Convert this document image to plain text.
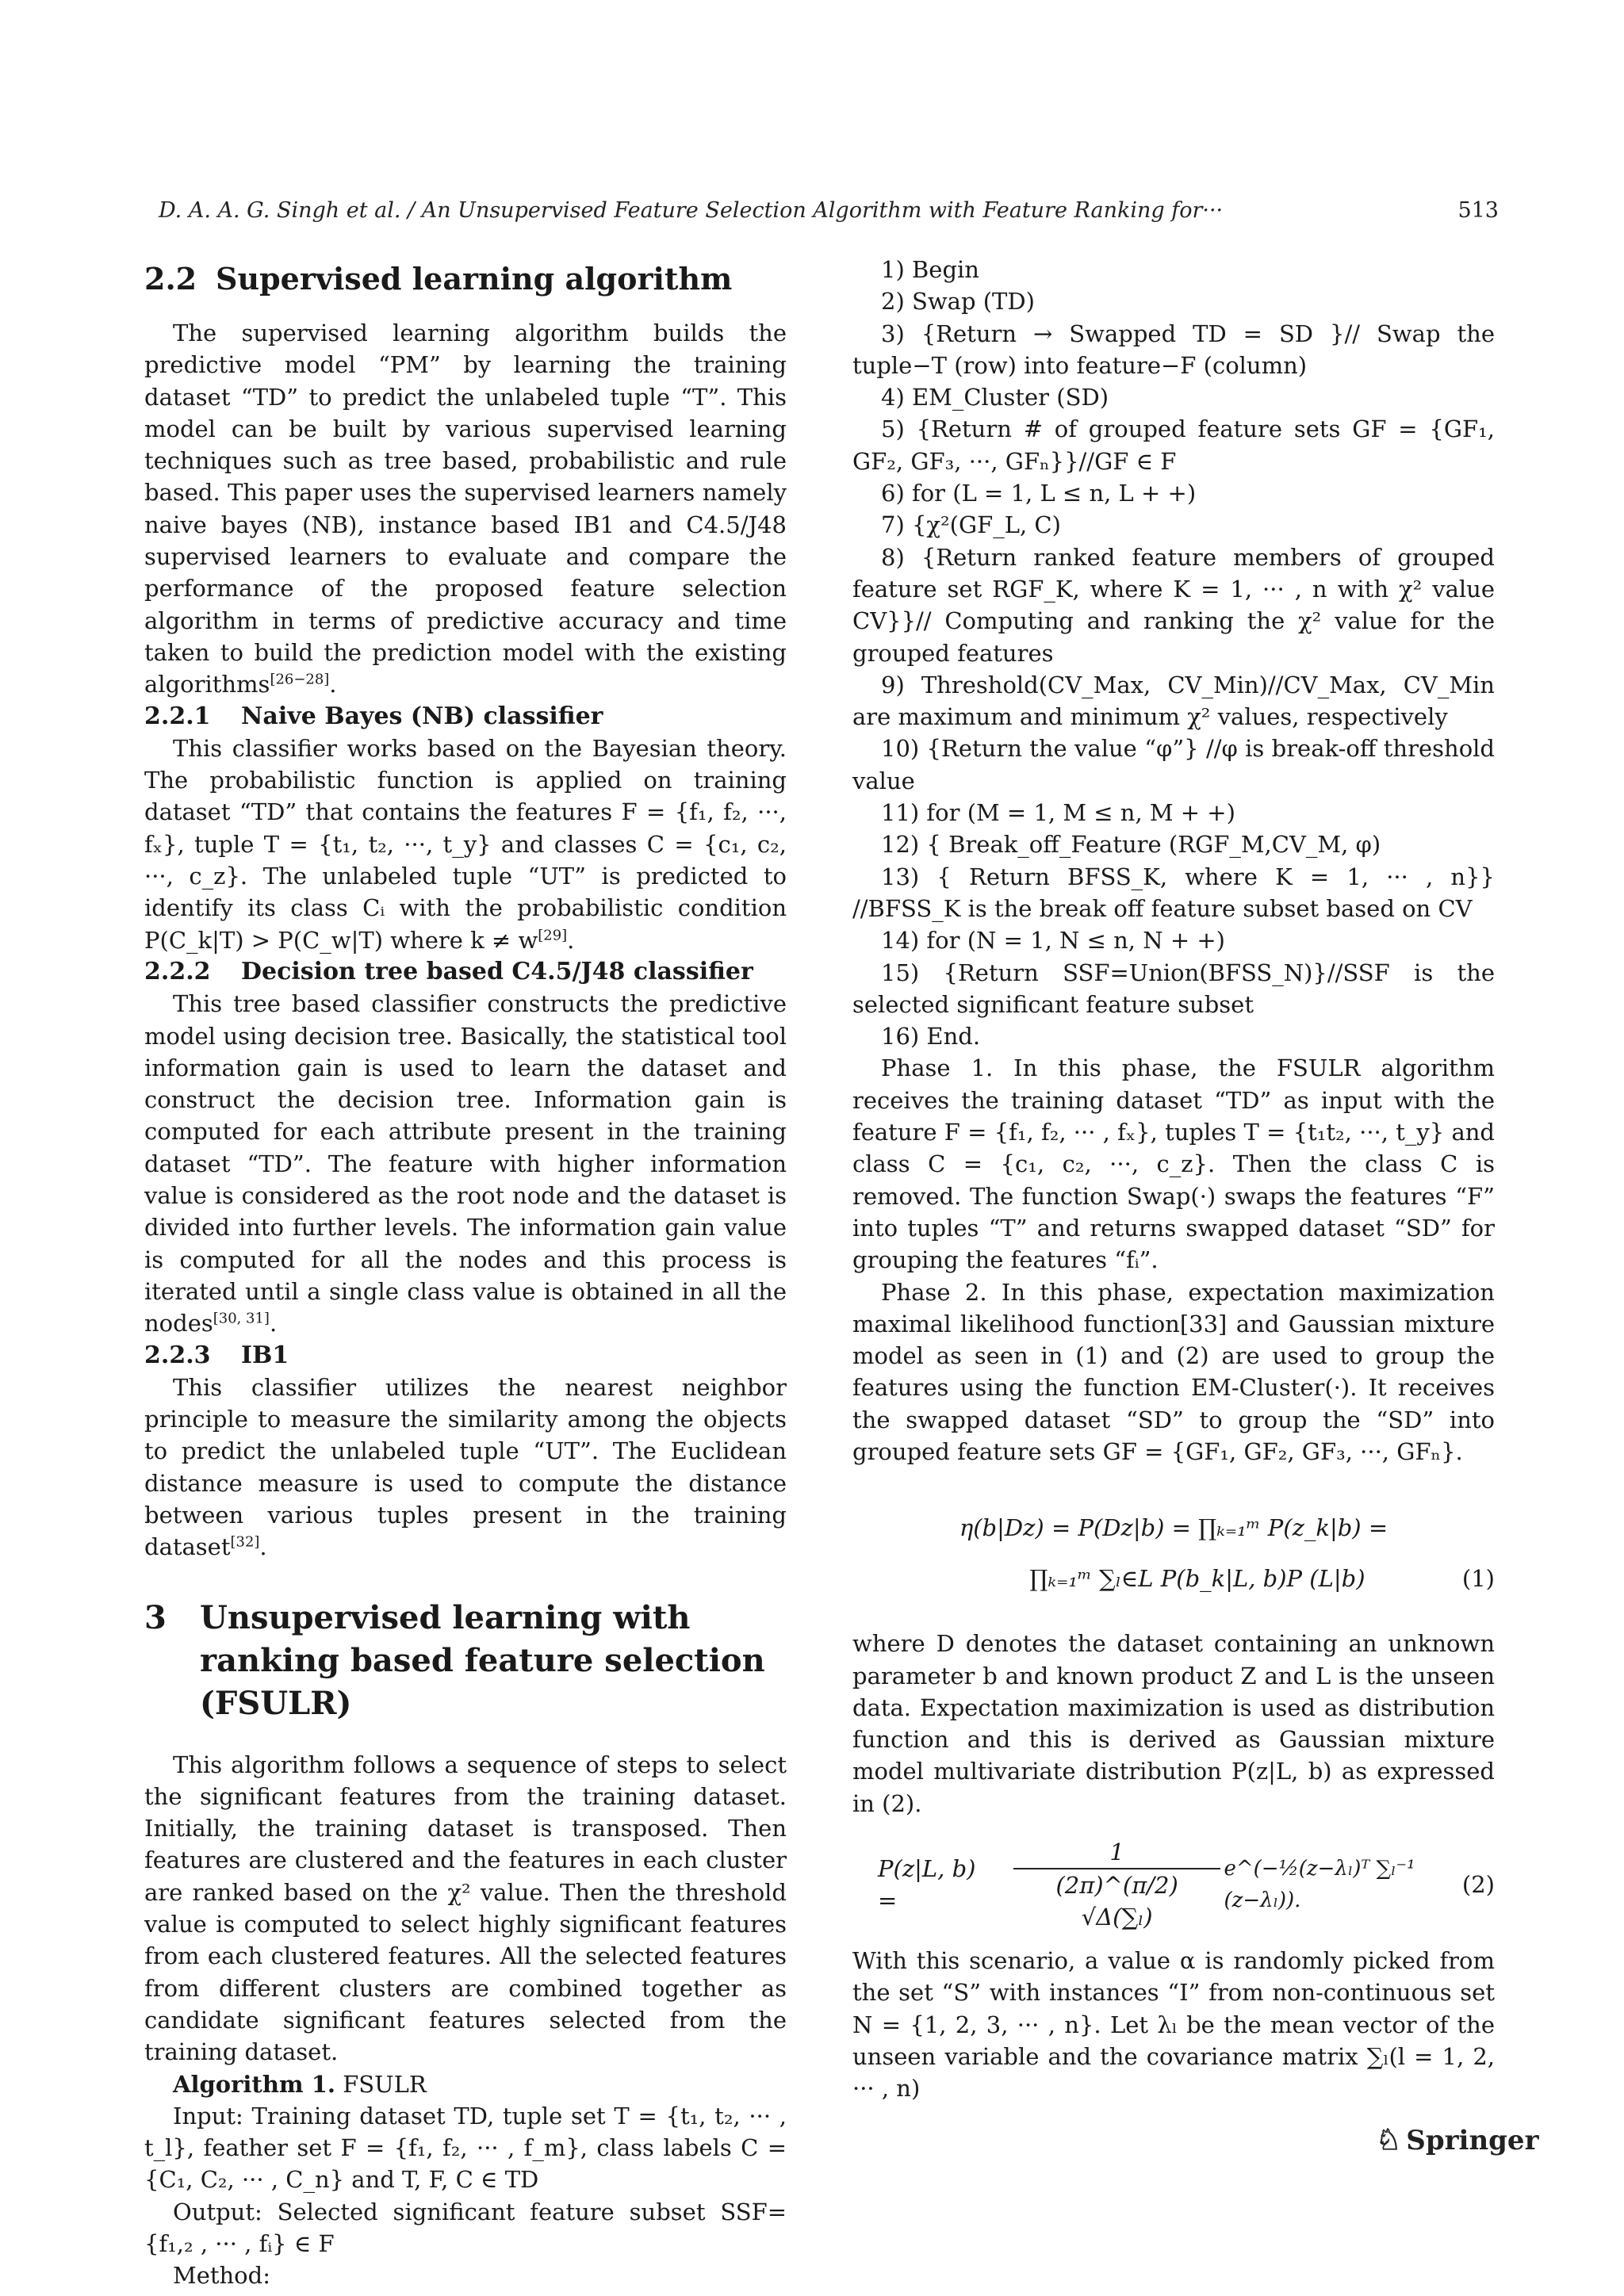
D. A. A. G. Singh et al. / An Unsupervised Feature Selection Algorithm with Feature Ranking for···	513
2.2 Supervised learning algorithm

The supervised learning algorithm builds the predictive model “PM” by learning the training dataset “TD” to predict the unlabeled tuple “T”. This model can be built by various supervised learning techniques such as tree based, probabilistic and rule based. This paper uses the supervised learners namely naive bayes (NB), instance based IB1 and C4.5/J48 supervised learners to evaluate and compare the performance of the proposed feature selection algorithm in terms of predictive accuracy and time taken to build the prediction model with the existing algorithms[26−28].

2.2.1 Naive Bayes (NB) classifier

This classifier works based on the Bayesian theory. The probabilistic function is applied on training dataset “TD” that contains the features F = {f₁, f₂, ···, fₓ}, tuple T = {t₁, t₂, ···, t_y} and classes C = {c₁, c₂, ···, c_z}. The unlabeled tuple “UT” is predicted to identify its class Cᵢ with the probabilistic condition P(C_k|T) > P(C_w|T) where k ≠ w[29].

2.2.2 Decision tree based C4.5/J48 classifier

This tree based classifier constructs the predictive model using decision tree. Basically, the statistical tool information gain is used to learn the dataset and construct the decision tree. Information gain is computed for each attribute present in the training dataset “TD”. The feature with higher information value is considered as the root node and the dataset is divided into further levels. The information gain value is computed for all the nodes and this process is iterated until a single class value is obtained in all the nodes[30, 31].

2.2.3 IB1

This classifier utilizes the nearest neighbor principle to measure the similarity among the objects to predict the unlabeled tuple “UT”. The Euclidean distance measure is used to compute the distance between various tuples present in the training dataset[32].

3 Unsupervised learning with ranking based feature selection (FSULR)

This algorithm follows a sequence of steps to select the significant features from the training dataset. Initially, the training dataset is transposed. Then features are clustered and the features in each cluster are ranked based on the χ² value. Then the threshold value is computed to select highly significant features from each clustered features. All the selected features from different clusters are combined together as candidate significant features selected from the training dataset.

Algorithm 1. FSULR

Input: Training dataset TD, tuple set T = {t₁, t₂, ··· , t_l}, feather set F = {f₁, f₂, ··· , f_m}, class labels C = {C₁, C₂, ··· , C_n} and T, F, C ∈ TD

Output: Selected significant feature subset SSF= {f₁,₂ , ··· , fᵢ} ∈ F

Method:

1) Begin

2) Swap (TD)

3) {Return → Swapped TD = SD }// Swap the tuple−T (row) into feature−F (column)

4) EM_Cluster (SD)

5) {Return # of grouped feature sets GF = {GF₁, GF₂, GF₃, ···, GFₙ}}//GF ∈ F

6) for (L = 1, L ≤ n, L + +)

7) {χ²(GF_L, C)

8) {Return ranked feature members of grouped feature set RGF_K, where K = 1, ··· , n with χ² value CV}}// Computing and ranking the χ² value for the grouped features

9) Threshold(CV_Max, CV_Min)//CV_Max, CV_Min are maximum and minimum χ² values, respectively

10) {Return the value “φ”} //φ is break-off threshold value

11) for (M = 1, M ≤ n, M + +)

12) { Break_off_Feature (RGF_M,CV_M, φ)

13) { Return BFSS_K, where K = 1, ··· , n}} //BFSS_K is the break off feature subset based on CV

14) for (N = 1, N ≤ n, N + +)

15) {Return SSF=Union(BFSS_N)}//SSF is the selected significant feature subset

16) End.

Phase 1. In this phase, the FSULR algorithm receives the training dataset “TD” as input with the feature F = {f₁, f₂, ··· , fₓ}, tuples T = {t₁t₂, ···, t_y} and class C = {c₁, c₂, ···, c_z}. Then the class C is removed. The function Swap(·) swaps the features “F” into tuples “T” and returns swapped dataset “SD” for grouping the features “fᵢ”.

Phase 2. In this phase, expectation maximization maximal likelihood function[33] and Gaussian mixture model as seen in (1) and (2) are used to group the features using the function EM-Cluster(·). It receives the swapped dataset “SD” to group the “SD” into grouped feature sets GF = {GF₁, GF₂, GF₃, ···, GFₙ}.

η(b|Dz) = P(Dz|b) = ∏ₖ₌₁ᵐ P(z_k|b) =
∏ₖ₌₁ᵐ ∑ₗ∈L P(b_k|L, b)P (L|b)	(1)

where D denotes the dataset containing an unknown parameter b and known product Z and L is the unseen data. Expectation maximization is used as distribution function and this is derived as Gaussian mixture model multivariate distribution P(z|L, b) as expressed in (2).

P(z|L, b) =	$\frac{1}{\text{(2π)\textasciicircum{}(π/2) √Δ(∑ₗ)}}$ e^(−½(z−λₗ)ᵀ ∑ₗ⁻¹ (z−λₗ)).
(2)

With this scenario, a value α is randomly picked from the set “S” with instances “I” from non-continuous set N = {1, 2, 3, ··· , n}. Let λₗ be the mean vector of the unseen variable and the covariance matrix ∑ₗ(l = 1, 2, ··· , n)

♘ Springer
